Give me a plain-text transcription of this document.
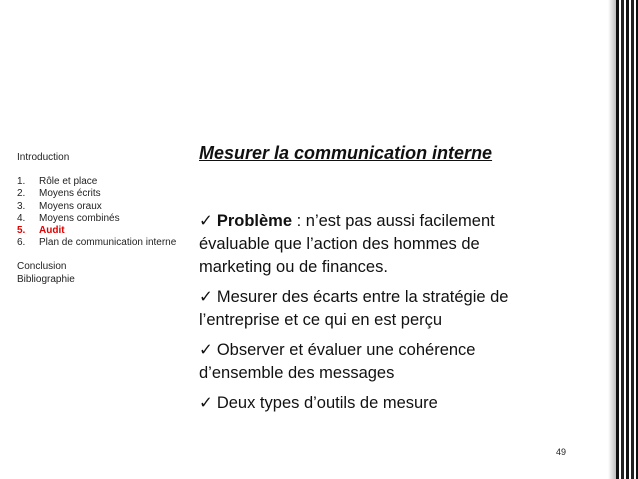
Introduction
1.	Rôle et place
2.	Moyens écrits
3.	Moyens oraux
4.	Moyens combinés
5.	Audit
6.	Plan de communication interne
Conclusion
Bibliographie
Mesurer la communication interne
✓ Problème : n’est pas aussi facilement évaluable que l’action des hommes de marketing ou de finances.
✓ Mesurer des écarts entre la stratégie de l’entreprise et ce qui en est perçu
✓ Observer et évaluer une cohérence d’ensemble des messages
✓ Deux types d’outils de mesure
49
